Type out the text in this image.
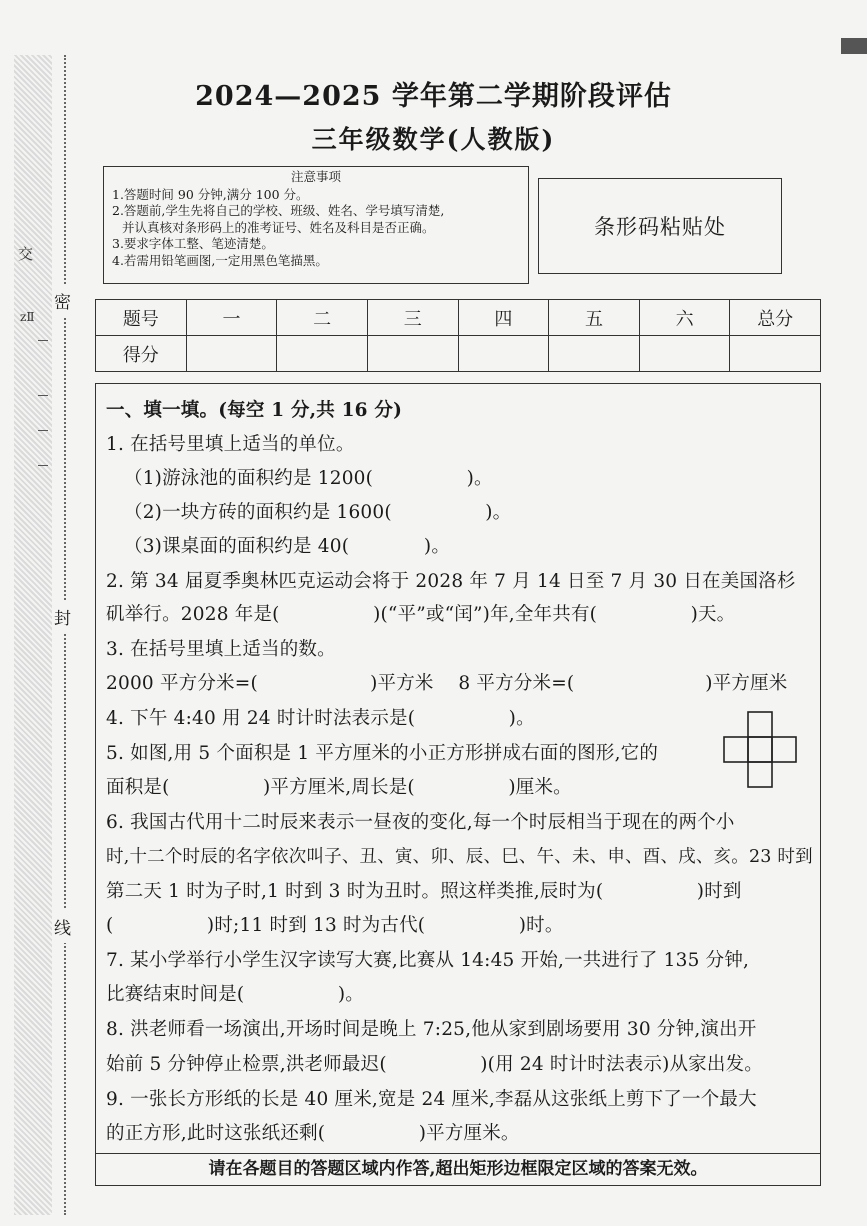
交
zⅡ
密
封
线
2024—2025 学年第二学期阶段评估
三年级数学(人教版)
注意事项
1.答题时间 90 分钟,满分 100 分。
2.答题前,学生先将自己的学校、班级、姓名、学号填写清楚,
并认真核对条形码上的准考证号、姓名及科目是否正确。
3.要求字体工整、笔迹清楚。
4.若需用铅笔画图,一定用黑色笔描黑。
条形码粘贴处
题号	一	二	三	四	五	六	总分
得分							
一、填一填。(每空 1 分,共 16 分)
1. 在括号里填上适当的单位。
（1)游泳池的面积约是 1200(　　　　　)。
（2)一块方砖的面积约是 1600(　　　　　)。
（3)课桌面的面积约是 40(　　　　)。
2. 第 34 届夏季奥林匹克运动会将于 2028 年 7 月 14 日至 7 月 30 日在美国洛杉
矶举行。2028 年是(　　　　　)(“平”或“闰”)年,全年共有(　　　　　)天。
3. 在括号里填上适当的数。
2000 平方分米=(　　　　　　)平方米　 8 平方分米=(　　　　　　　)平方厘米
4. 下午 4:40 用 24 时计时法表示是(　　　　　)。
5. 如图,用 5 个面积是 1 平方厘米的小正方形拼成右面的图形,它的
面积是(　　　　　)平方厘米,周长是(　　　　　)厘米。
6. 我国古代用十二时辰来表示一昼夜的变化,每一个时辰相当于现在的两个小
时,十二个时辰的名字依次叫子、丑、寅、卯、辰、巳、午、未、申、酉、戌、亥。23 时到
第二天 1 时为子时,1 时到 3 时为丑时。照这样类推,辰时为(　　　　　)时到
(　　　　　)时;11 时到 13 时为古代(　　　　　)时。
7. 某小学举行小学生汉字读写大赛,比赛从 14:45 开始,一共进行了 135 分钟,
比赛结束时间是(　　　　　)。
8. 洪老师看一场演出,开场时间是晚上 7:25,他从家到剧场要用 30 分钟,演出开
始前 5 分钟停止检票,洪老师最迟(　　　　　)(用 24 时计时法表示)从家出发。
9. 一张长方形纸的长是 40 厘米,宽是 24 厘米,李磊从这张纸上剪下了一个最大
的正方形,此时这张纸还剩(　　　　　)平方厘米。
请在各题目的答题区域内作答,超出矩形边框限定区域的答案无效。
